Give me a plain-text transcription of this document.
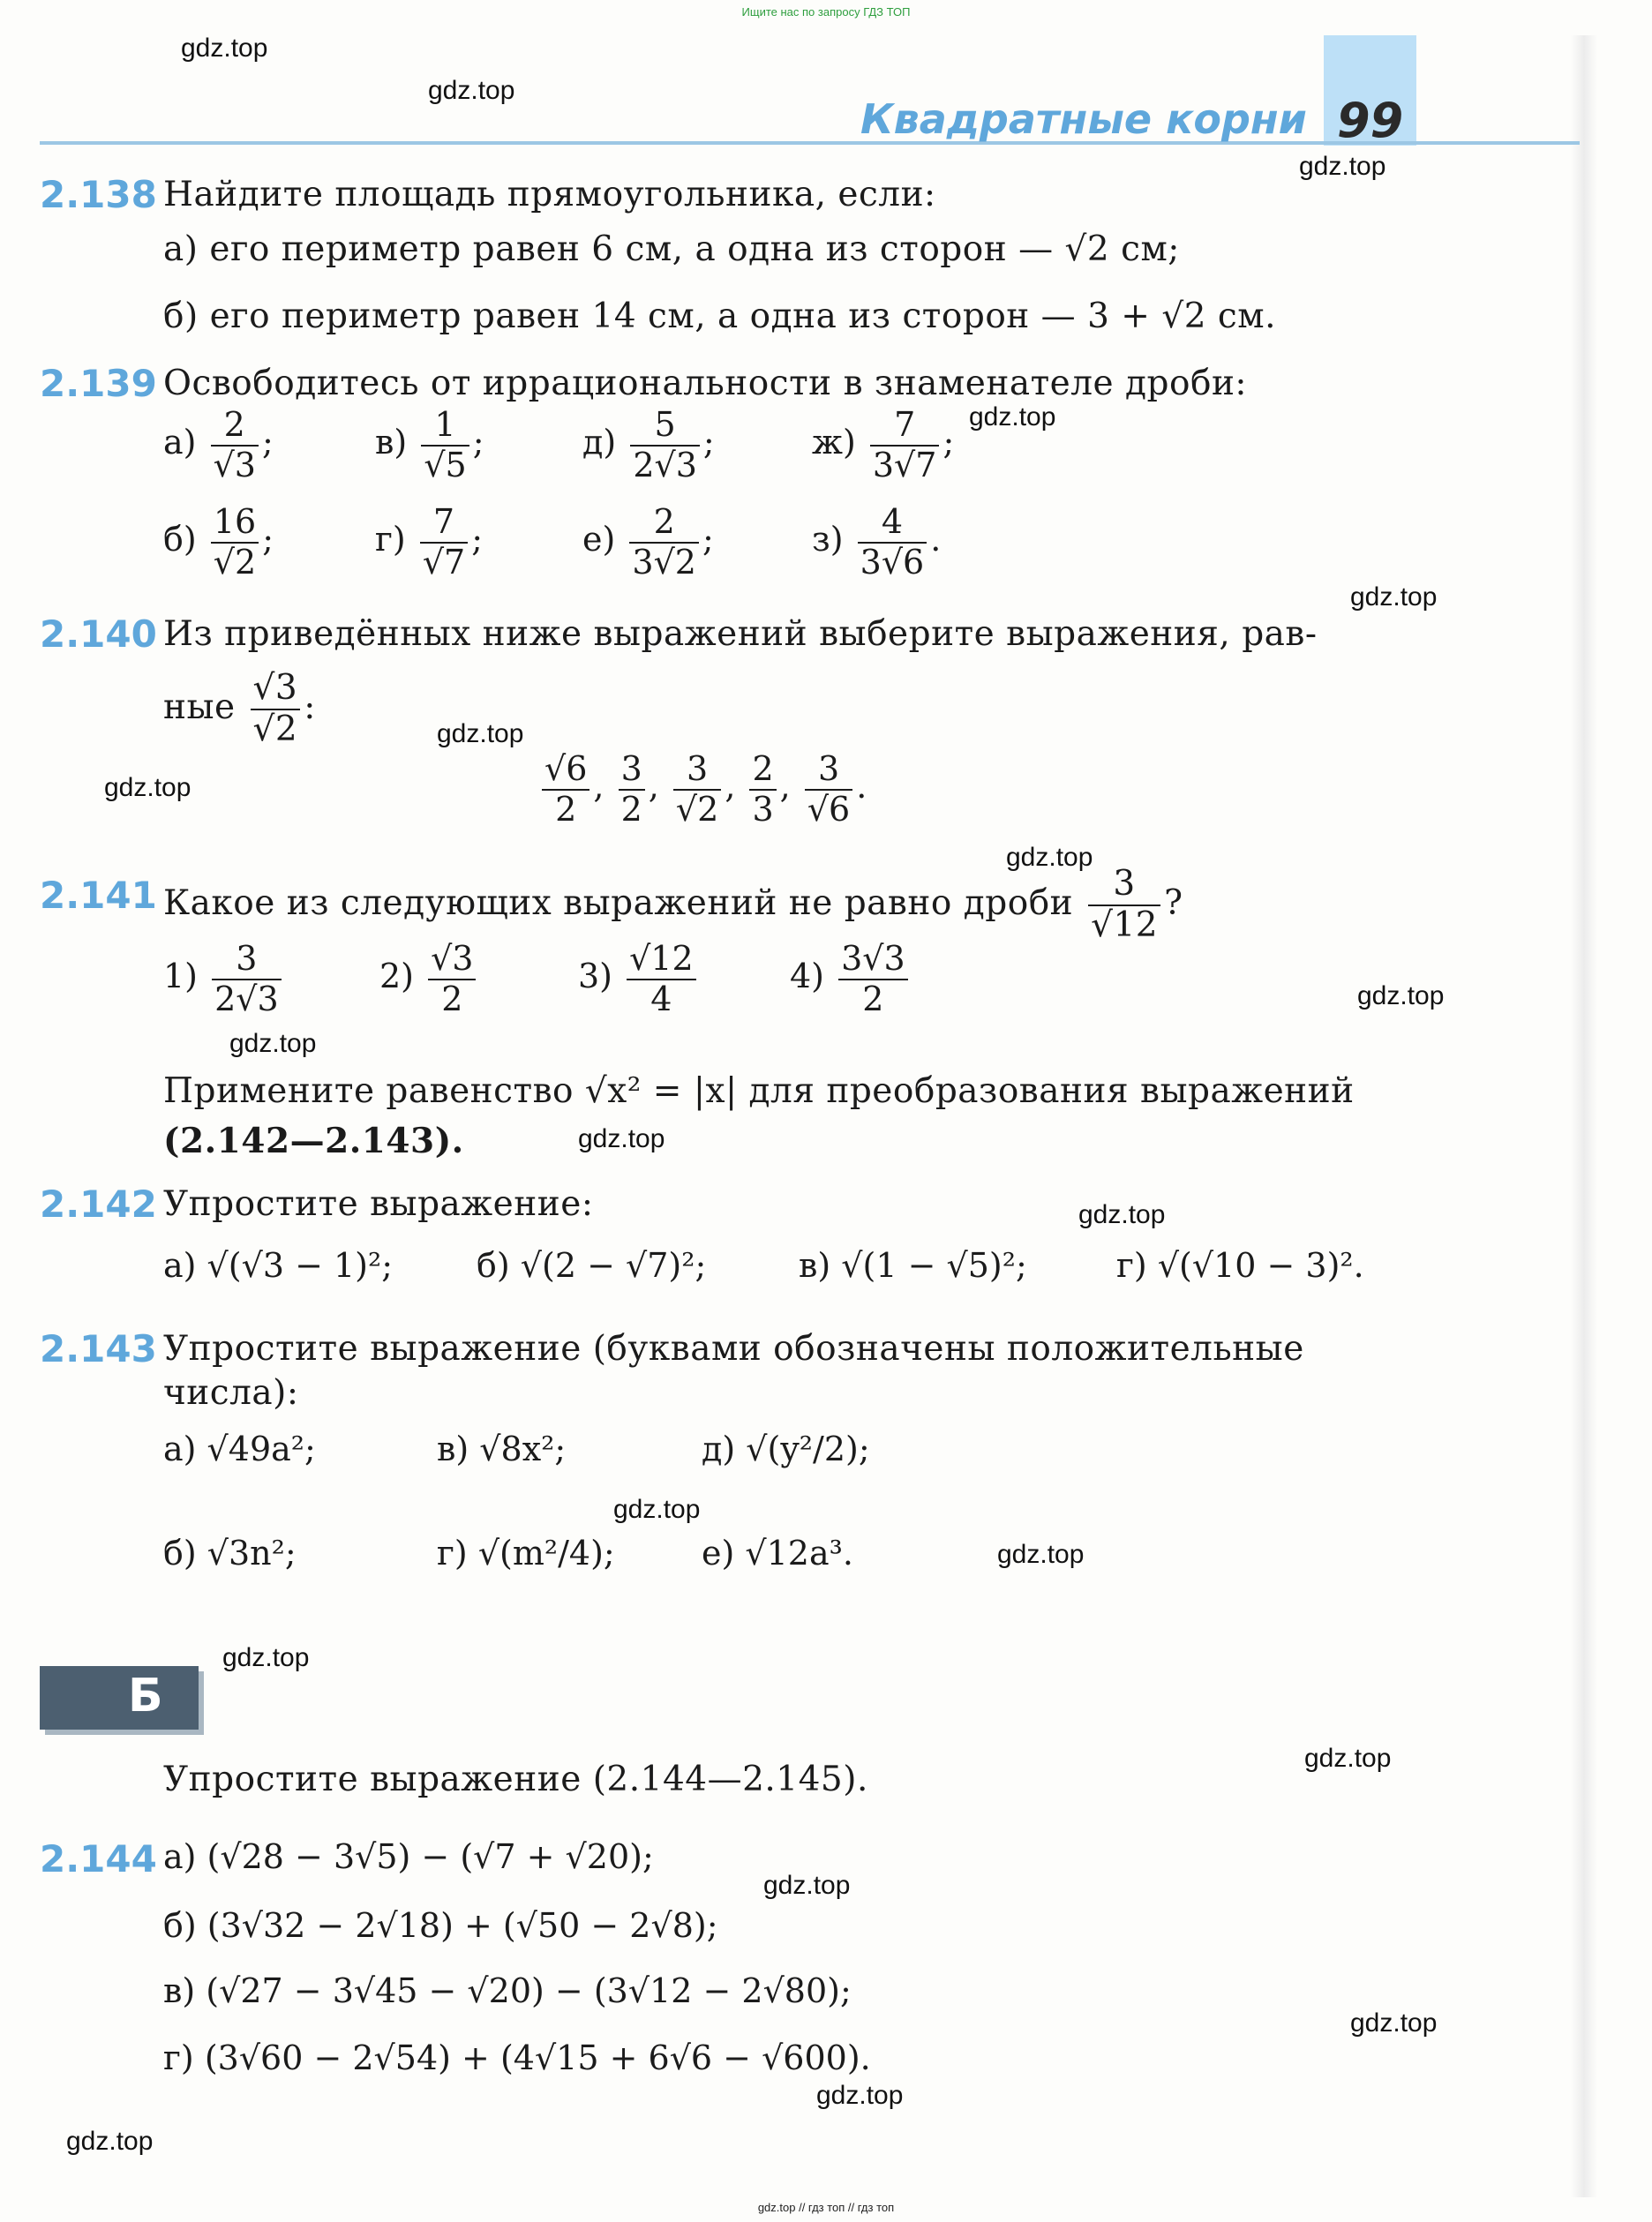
Ищите нас по запросу ГДЗ ТОП
Квадратные корни 99
2.138 Найдите площадь прямоугольника, если:
а) его периметр равен 6 см, а одна из сторон — √2 см;
б) его периметр равен 14 см, а одна из сторон — 3 + √2 см.
2.139 Освободитесь от иррациональности в знаменателе дроби:
$а) \frac{2}{√3}$ ;	$в) \frac{1}{√5}$ ;	$д) \frac{5}{2√3}$ ;	$ж) \frac{7}{3√7}$ ;
$б) \frac{16}{√2}$ ;	$г) \frac{7}{√7}$ ;	$е) \frac{2}{3√2}$ ;	$з) \frac{4}{3√6}$ .
2.140 Из приведённых ниже выражений выберите выражения, рав-
ные $\frac{√3}{√2}$ :
$\frac{√6}{2}$ , $\frac{3}{2}$ , $\frac{3}{√2}$ , $\frac{2}{3}$ , $\frac{3}{√6}$ .
2.141 Какое из следующих выражений не равно дроби $\frac{3}{√12}$ ?
$1) \frac{3}{2√3}$	$2) \frac{√3}{2}$	$3) \frac{√12}{4}$	$4) \frac{3√3}{2}$
Примените равенство √x² = |x| для преобразования выражений
(2.142—2.143).
2.142 Упростите выражение:
а) √(√3 − 1)²; б) √(2 − √7)²;	в) √(1 − √5)²;	г) √(√10 − 3)².
2.143 Упростите выражение (буквами обозначены положительные
числа):
а) √49a²;	в) √8x²;	д) √(y²/2);
б) √3n²;	г) √(m²/4);	е) √12a³.
Б
Упростите выражение (2.144—2.145).
2.144 а) (√28 − 3√5) − (√7 + √20);
б) (3√32 − 2√18) + (√50 − 2√8);
в) (√27 − 3√45 − √20) − (3√12 − 2√80);
г) (3√60 − 2√54) + (4√15 + 6√6 − √600).
gdz.top
gdz.top
gdz.top
gdz.top
gdz.top
gdz.top
gdz.top
gdz.top
gdz.top
gdz.top
gdz.top
gdz.top
gdz.top
gdz.top
gdz.top
gdz.top
gdz.top
gdz.top
gdz.top
gdz.top
gdz.top // гдз топ // гдз топ
